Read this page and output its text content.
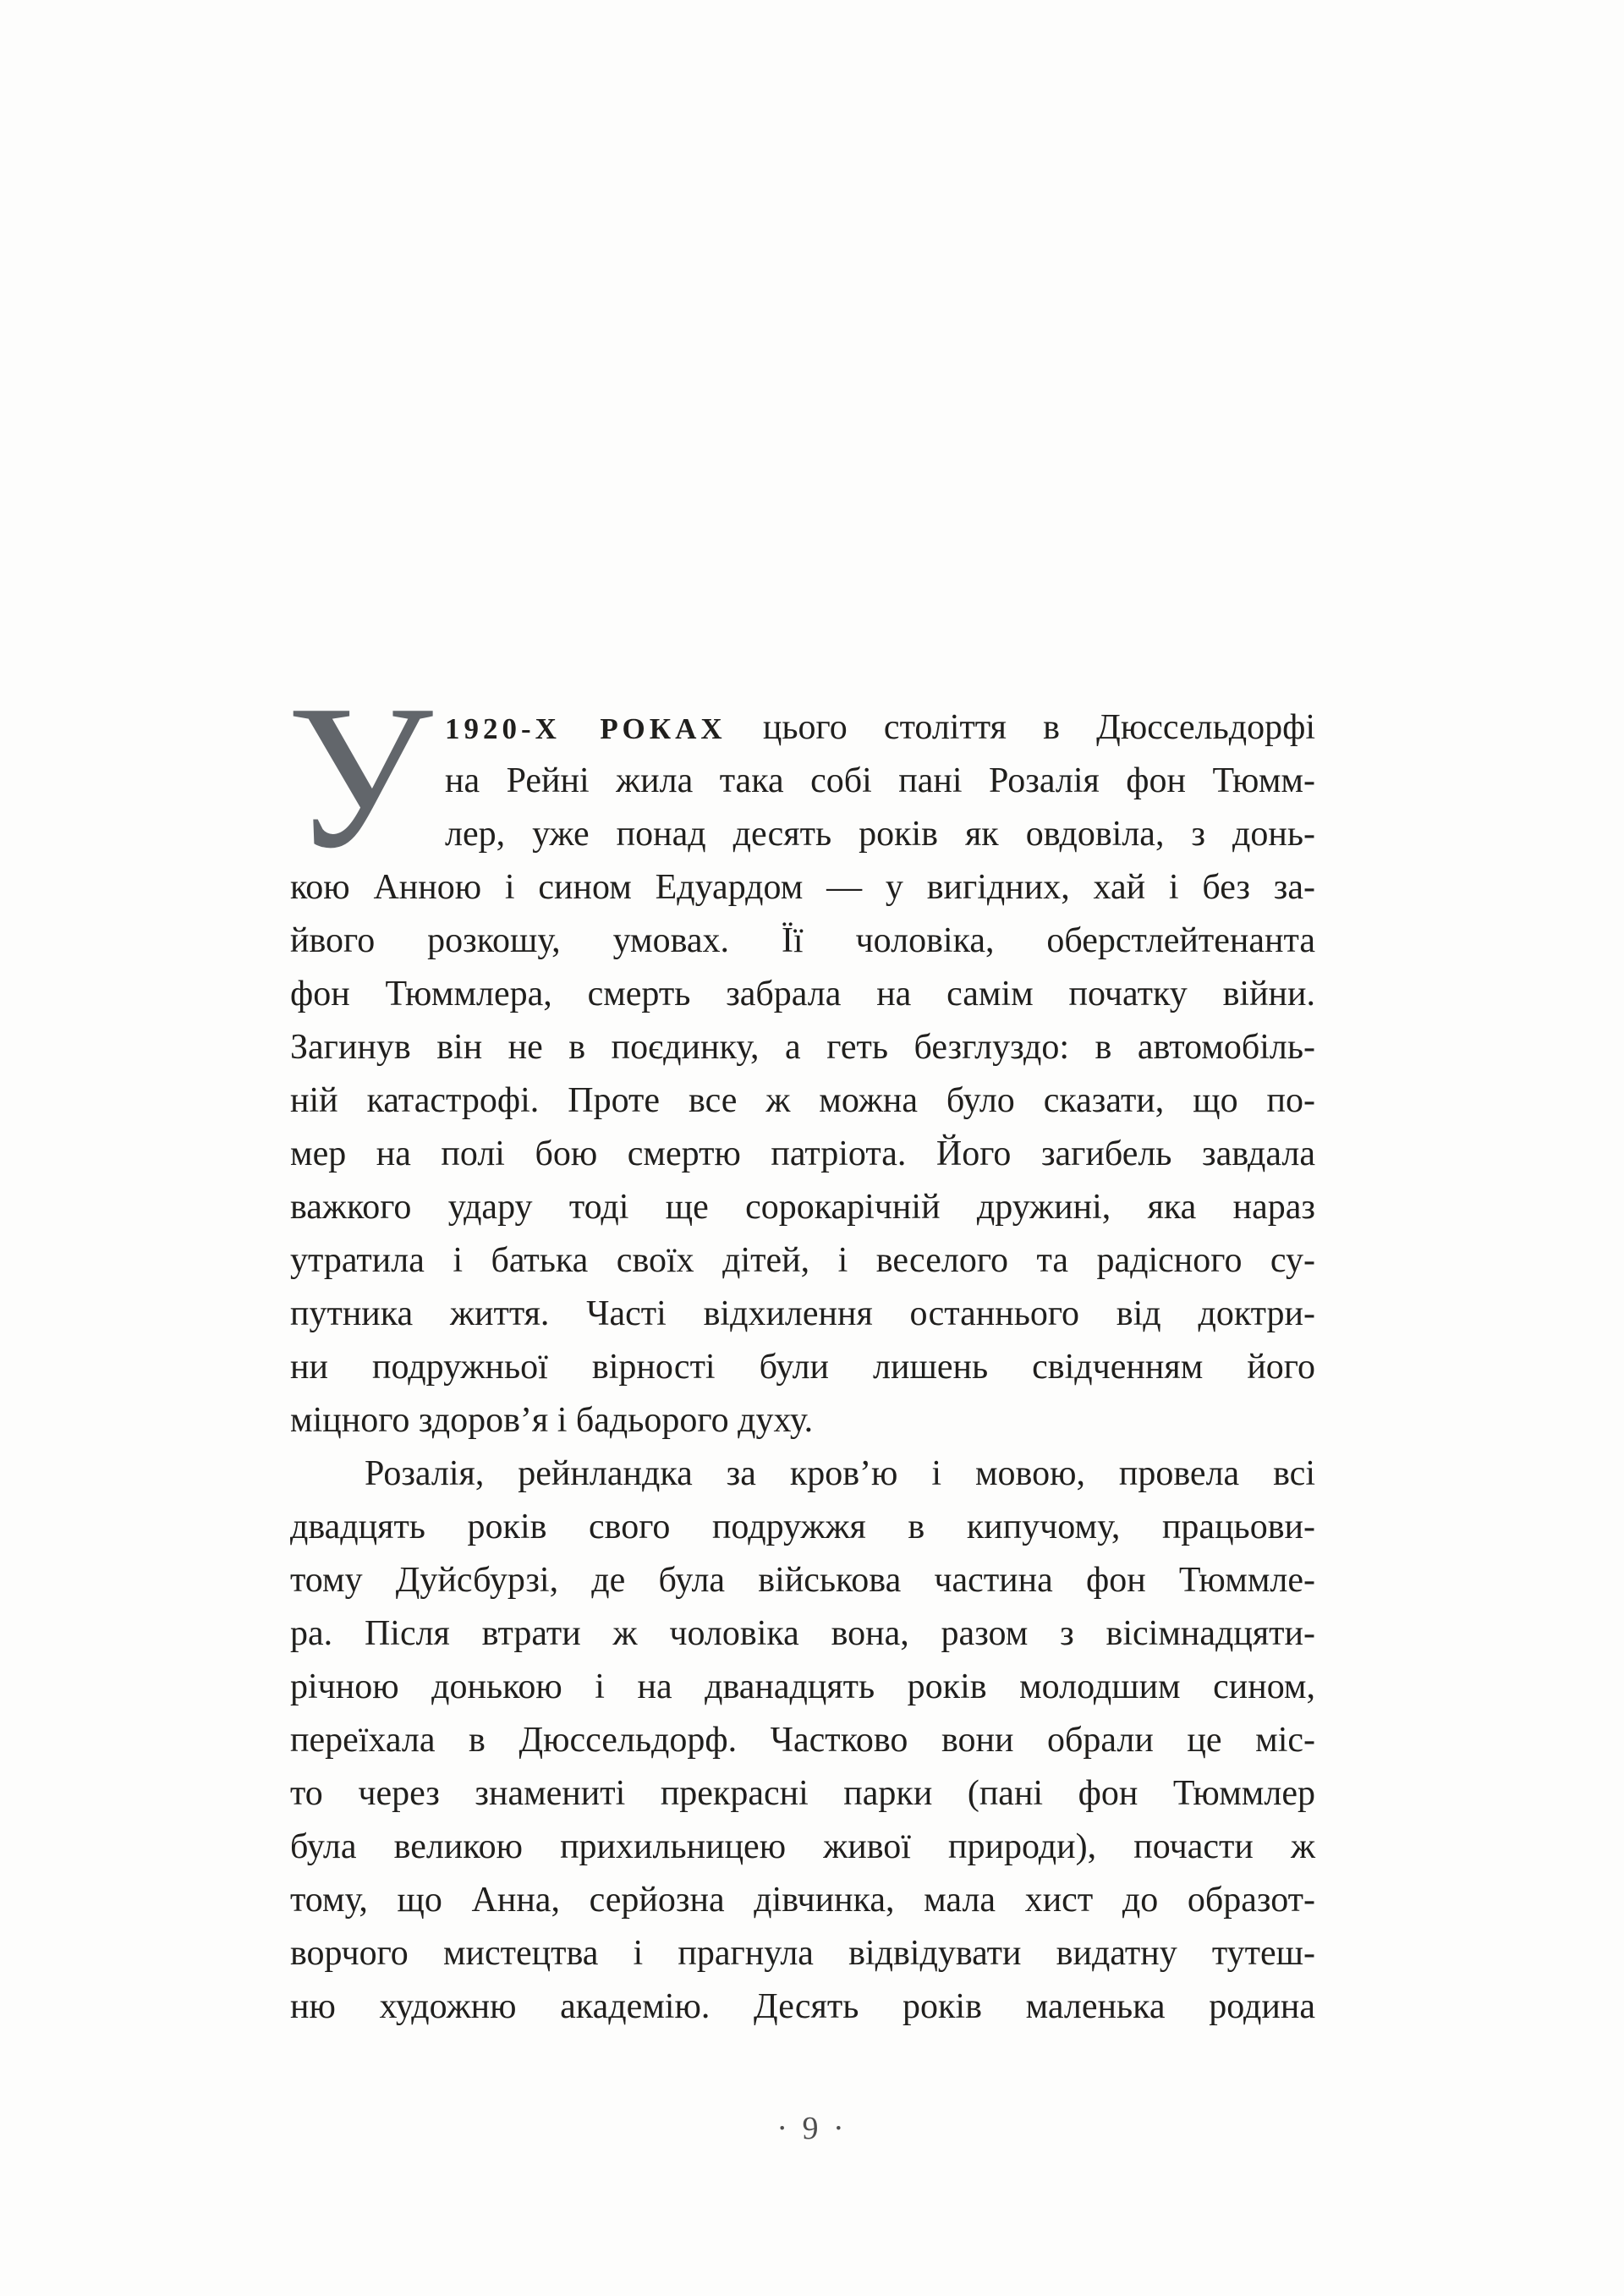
У 1920-Х РОКАХ цього століття в Дюссельдорфі
на Рейні жила така собі пані Розалія фон Тюмм-
лер, уже понад десять років як овдовіла, з донь-
кою Анною і сином Едуардом — у вигідних, хай і без за-
йвого розкошу, умовах. Її чоловіка, оберстлейтенанта
фон Тюммлера, смерть забрала на самім початку війни.
Загинув він не в поєдинку, а геть безглуздо: в автомобіль-
ній катастрофі. Проте все ж можна було сказати, що по-
мер на полі бою смертю патріота. Його загибель завдала
важкого удару тоді ще сорокарічній дружині, яка нараз
утратила і батька своїх дітей, і веселого та радісного су-
путника життя. Часті відхилення останнього від доктри-
ни подружньої вірності були лишень свідченням його
міцного здоров’я і бадьорого духу.
Розалія, рейнландка за кров’ю і мовою, провела всі
двадцять років свого подружжя в кипучому, працьови-
тому Дуйсбурзі, де була військова частина фон Тюммле-
ра. Після втрати ж чоловіка вона, разом з вісімнадцяти-
річною донькою і на дванадцять років молодшим сином,
переїхала в Дюссельдорф. Частково вони обрали це міс-
то через знамениті прекрасні парки (пані фон Тюммлер
була великою прихильницею живої природи), почасти ж
тому, що Анна, серйозна дівчинка, мала хист до образот-
ворчого мистецтва і прагнула відвідувати видатну тутеш-
ню художню академію. Десять років маленька родина
· 9 ·
